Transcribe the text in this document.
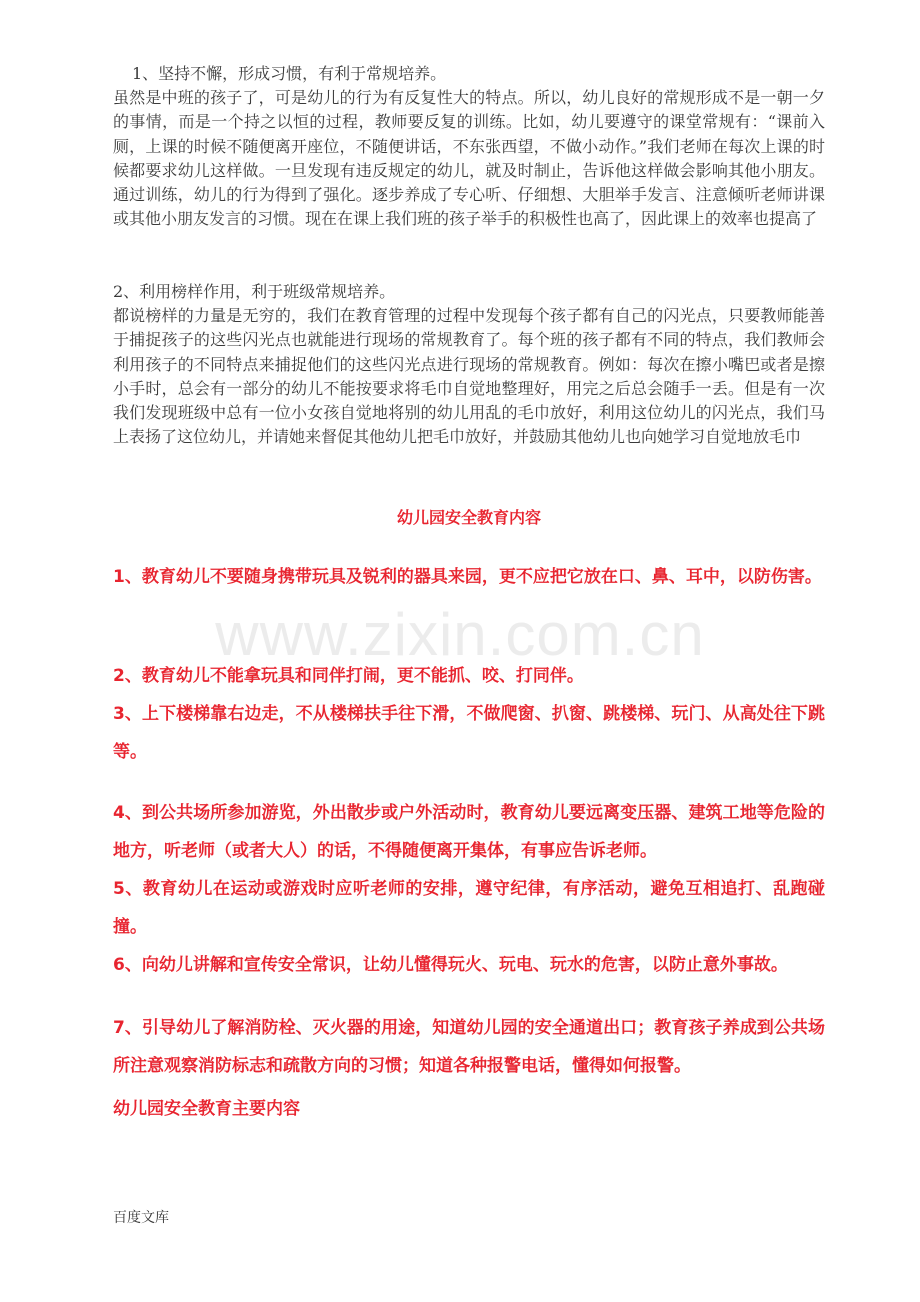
www.zixin.com.cn

1、坚持不懈，形成习惯，有利于常规培养。

虽然是中班的孩子了，可是幼儿的行为有反复性大的特点。所以，幼儿良好的常规形成不是一朝一夕的事情，而是一个持之以恒的过程，教师要反复的训练。比如，幼儿要遵守的课堂常规有：“课前入厕，上课的时候不随便离开座位，不随便讲话，不东张西望，不做小动作。”我们老师在每次上课的时候都要求幼儿这样做。一旦发现有违反规定的幼儿，就及时制止，告诉他这样做会影响其他小朋友。通过训练，幼儿的行为得到了强化。逐步养成了专心听、仔细想、大胆举手发言、注意倾听老师讲课或其他小朋友发言的习惯。现在在课上我们班的孩子举手的积极性也高了，因此课上的效率也提高了

2、利用榜样作用，利于班级常规培养。

都说榜样的力量是无穷的，我们在教育管理的过程中发现每个孩子都有自己的闪光点，只要教师能善于捕捉孩子的这些闪光点也就能进行现场的常规教育了。每个班的孩子都有不同的特点，我们教师会利用孩子的不同特点来捕捉他们的这些闪光点进行现场的常规教育。例如：每次在擦小嘴巴或者是擦小手时，总会有一部分的幼儿不能按要求将毛巾自觉地整理好，用完之后总会随手一丢。但是有一次我们发现班级中总有一位小女孩自觉地将别的幼儿用乱的毛巾放好，利用这位幼儿的闪光点，我们马上表扬了这位幼儿，并请她来督促其他幼儿把毛巾放好，并鼓励其他幼儿也向她学习自觉地放毛巾

幼儿园安全教育内容

1、教育幼儿不要随身携带玩具及锐利的器具来园，更不应把它放在口、鼻、耳中，以防伤害。

2、教育幼儿不能拿玩具和同伴打闹，更不能抓、咬、打同伴。

3、上下楼梯靠右边走，不从楼梯扶手往下滑，不做爬窗、扒窗、跳楼梯、玩门、从高处往下跳等。

4、到公共场所参加游览，外出散步或户外活动时，教育幼儿要远离变压器、建筑工地等危险的地方，听老师（或者大人）的话，不得随便离开集体，有事应告诉老师。

5、教育幼儿在运动或游戏时应听老师的安排，遵守纪律，有序活动，避免互相追打、乱跑碰撞。

6、向幼儿讲解和宣传安全常识，让幼儿懂得玩火、玩电、玩水的危害，以防止意外事故。

7、引导幼儿了解消防栓、灭火器的用途，知道幼儿园的安全通道出口；教育孩子养成到公共场所注意观察消防标志和疏散方向的习惯；知道各种报警电话，懂得如何报警。

幼儿园安全教育主要内容
百度文库
